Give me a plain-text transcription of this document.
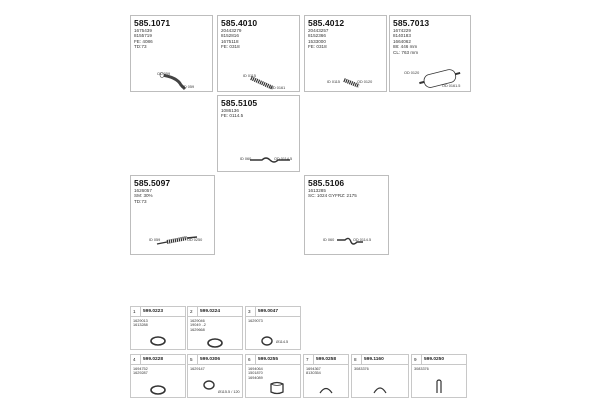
585.1071
1675439
8155719
FE: 4086
TD:73
OD 059
OD 059
585.4010
20443279
8152816
1675118
FE: 0318
ID 0115
OD 0161
585.4012
20443257
8152366
1533000
FE: 0318
ID 0115	OD 0120
585.7013
1674229
8140183
1664062
88: 446 mm
CL: 763 mm
OD 0120
OD 0161.5
585.5105
1086136
FE: 0114.5
ID 060	OD 0114.5
585.5097
1626057
SM: 30%
TD:73
ID 059	OD 0250
585.5106
1613285
SC: 1024 GYFRZ: 2175
ID 060	OD 0114.5
1 599.0223
1629013
1613288
2 599.0224
1629046
19049 ..2
1629668
3 599.0047
1629073
Ø114.5
4 599.0228
1694752
1629287
5 599.0306
1629147
Ø115.5 / 120
6 599.0255
1694064
1501870
1694089
7 599.0258
1694367
8130354
8 599.1160
3083376
9 599.0250
3083376
